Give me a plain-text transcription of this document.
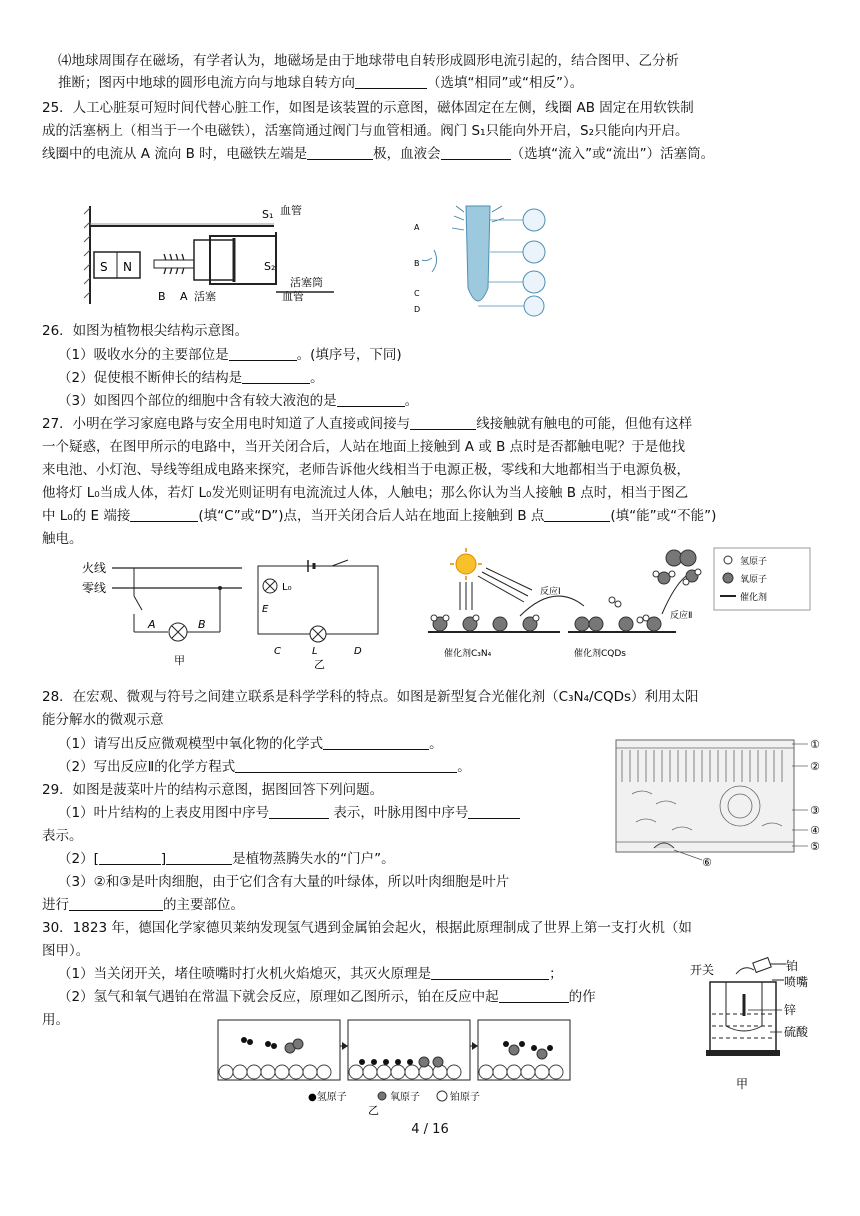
⑷地球周围存在磁场，有学者认为，地磁场是由于地球带电自转形成圆形电流引起的，结合图甲、乙分析
推断；图丙中地球的圆形电流方向与地球自转方向	（选填“相同”或“相反”）。
25．人工心脏泵可短时间代替心脏工作，如图是该装置的示意图，磁体固定在左侧，线圈 AB 固定在用软铁制
成的活塞柄上（相当于一个电磁铁），活塞筒通过阀门与血管相通。阀门 S₁只能向外开启，S₂只能向内开启。
线圈中的电流从 A 流向 B 时，电磁铁左端是	极，血液会	（选填“流入”或“流出”）活塞筒。
S N
S₁ 血管
S₂
活塞筒
血管
B A 活塞
A
B
C
D
26．如图为植物根尖结构示意图。
（1）吸收水分的主要部位是	。(填序号，下同)
（2）促使根不断伸长的结构是	。
（3）如图四个部位的细胞中含有较大液泡的是	。
27．小明在学习家庭电路与安全用电时知道了人直接或间接与	线接触就有触电的可能，但他有这样
一个疑惑，在图甲所示的电路中，当开关闭合后，人站在地面上接触到 A 或 B 点时是否都触电呢？于是他找
来电池、小灯泡、导线等组成电路来探究，老师告诉他火线相当于电源正极，零线和大地都相当于电源负极，
他将灯 L₀当成人体，若灯 L₀发光则证明有电流流过人体，人触电；那么你认为当人接触 B 点时，相当于图乙
中 L₀的 E 端接	(填“C”或“D”)点，当开关闭合后人站在地面上接触到 B 点	(填“能”或“不能”)
触电。
火线
零线
A	B
甲
L₀
E
C	L	D
乙
反应Ⅰ
催化剂C₃N₄
反应Ⅱ
催化剂CQDs
氢原子
氧原子
催化剂
28．在宏观、微观与符号之间建立联系是科学学科的特点。如图是新型复合光催化剂（C₃N₄/CQDs）利用太阳
能分解水的微观示意
（1）请写出反应微观模型中氧化物的化学式	。
（2）写出反应Ⅱ的化学方程式	。
①
②
③
④
⑤
⑥
29．如图是菠菜叶片的结构示意图，据图回答下列问题。
（1）叶片结构的上表皮用图中序号	表示，叶脉用图中序号
表示。
（2）[	]	是植物蒸腾失水的“门户”。
（3）②和③是叶肉细胞，由于它们含有大量的叶绿体，所以叶肉细胞是叶片
进行	的主要部位。
30．1823 年，德国化学家德贝莱纳发现氢气遇到金属铂会起火，根据此原理制成了世界上第一支打火机（如
图甲）。
（1）当关闭开关，堵住喷嘴时打火机火焰熄灭，其灭火原理是	；
（2）氢气和氧气遇铂在常温下就会反应，原理如乙图所示，铂在反应中起	的作
用。
开关	铂
喷嘴
锌
硫酸
甲
●氢原子	氧原子	铂原子
乙
4 / 16
